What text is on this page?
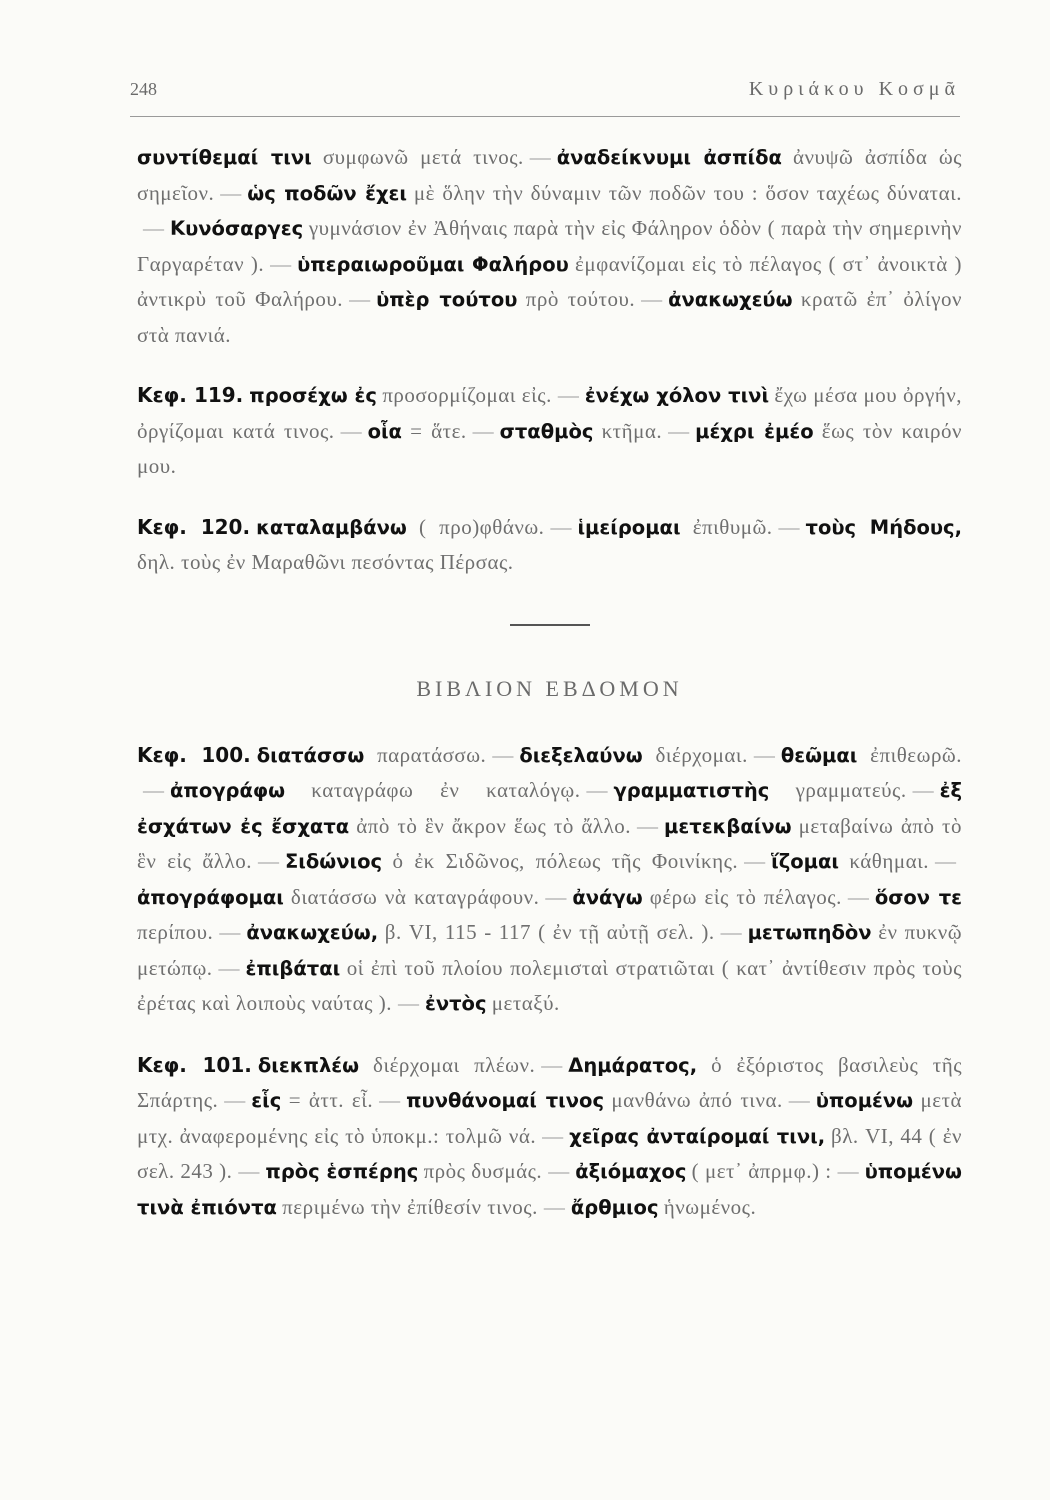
248	Κυριάκου Κοσμᾶ

συντίθεμαί τινι συμφωνῶ μετά τινος. — ἀναδείκνυμι ἀσπίδα ἀνυψῶ ἀσπίδα ὡς σημεῖον. — ὡς ποδῶν ἔχει μὲ ὅλην τὴν δύναμιν τῶν ποδῶν του : ὅσον ταχέως δύναται.— Κυνόσαργες γυμνάσιον ἐν Ἀθήναις παρὰ τὴν εἰς Φάληρον ὁδὸν ( παρὰ τὴν σημερινὴν Γαργαρέταν ). — ὑπεραιωροῦμαι Φαλήρου ἐμφανίζομαι εἰς τὸ πέλαγος ( στ᾽ ἀνοικτὰ ) ἀντικρὺ τοῦ Φαλήρου. — ὑπὲρ τούτου πρὸ τούτου. — ἀνακωχεύω κρατῶ ἐπ᾽ ὀλίγον στὰ πανιά.

Κεφ. 119. προσέχω ἐς προσορμίζομαι εἰς. — ἐνέχω χόλον τινὶ ἔχω μέσα μου ὀργήν, ὀργίζομαι κατά τινος. — οἷα = ἅτε. — σταθμὸς κτῆμα. — μέχρι ἐμέο ἕως τὸν καιρόν μου.

Κεφ. 120. καταλαμβάνω ( προ)φθάνω. — ἱμείρομαι ἐπιθυμῶ. — τοὺς Μήδους, δηλ. τοὺς ἐν Μαραθῶνι πεσόντας Πέρσας.

ΒΙΒΛΙΟΝ ΕΒΔΟΜΟΝ

Κεφ. 100. διατάσσω παρατάσσω. — διεξελαύνω διέρχομαι. — θεῶμαι ἐπιθεωρῶ.— ἀπογράφω καταγράφω ἐν καταλόγῳ. — γραμματιστὴς γραμματεύς. — ἐξ ἐσχάτων ἐς ἔσχατα ἀπὸ τὸ ἓν ἄκρον ἕως τὸ ἄλλο. — μετεκβαίνω μεταβαίνω ἀπὸ τὸ ἓν εἰς ἄλλο. — Σιδώνιος ὁ ἐκ Σιδῶνος, πόλεως τῆς Φοινίκης. — ἵζομαι κάθημαι. —ἀπογράφομαι διατάσσω νὰ καταγράφουν. — ἀνάγω φέρω εἰς τὸ πέλαγος. — ὅσον τε περίπου. — ἀνακωχεύω, β. VI, 115 - 117 ( ἐν τῇ αὐτῇ σελ. ). — μετωπηδὸν ἐν πυκνῷ μετώπῳ. — ἐπιβάται οἱ ἐπὶ τοῦ πλοίου πολεμισταὶ στρατιῶται ( κατ᾽ ἀντίθεσιν πρὸς τοὺς ἐρέτας καὶ λοιποὺς ναύτας ). — ἐντὸς μεταξύ.

Κεφ. 101. διεκπλέω διέρχομαι πλέων. — Δημάρατος, ὁ ἐξόριστος βασιλεὺς τῆς Σπάρτης. — εἷς = ἀττ. εἶ. — πυνθάνομαί τινος μανθάνω ἀπό τινα. — ὑπομένω μετὰ μτχ. ἀναφερομένης εἰς τὸ ὑποκμ.: τολμῶ νά. — χεῖρας ἀνταίρομαί τινι, βλ. VI, 44 ( ἐν σελ. 243 ). — πρὸς ἑσπέρης πρὸς δυσμάς. — ἀξιόμαχος ( μετ᾽ ἀπρμφ.) : — ὑπομένω τινὰ ἐπιόντα περιμένω τὴν ἐπίθεσίν τινος. — ἄρθμιος ἡνωμένος.
